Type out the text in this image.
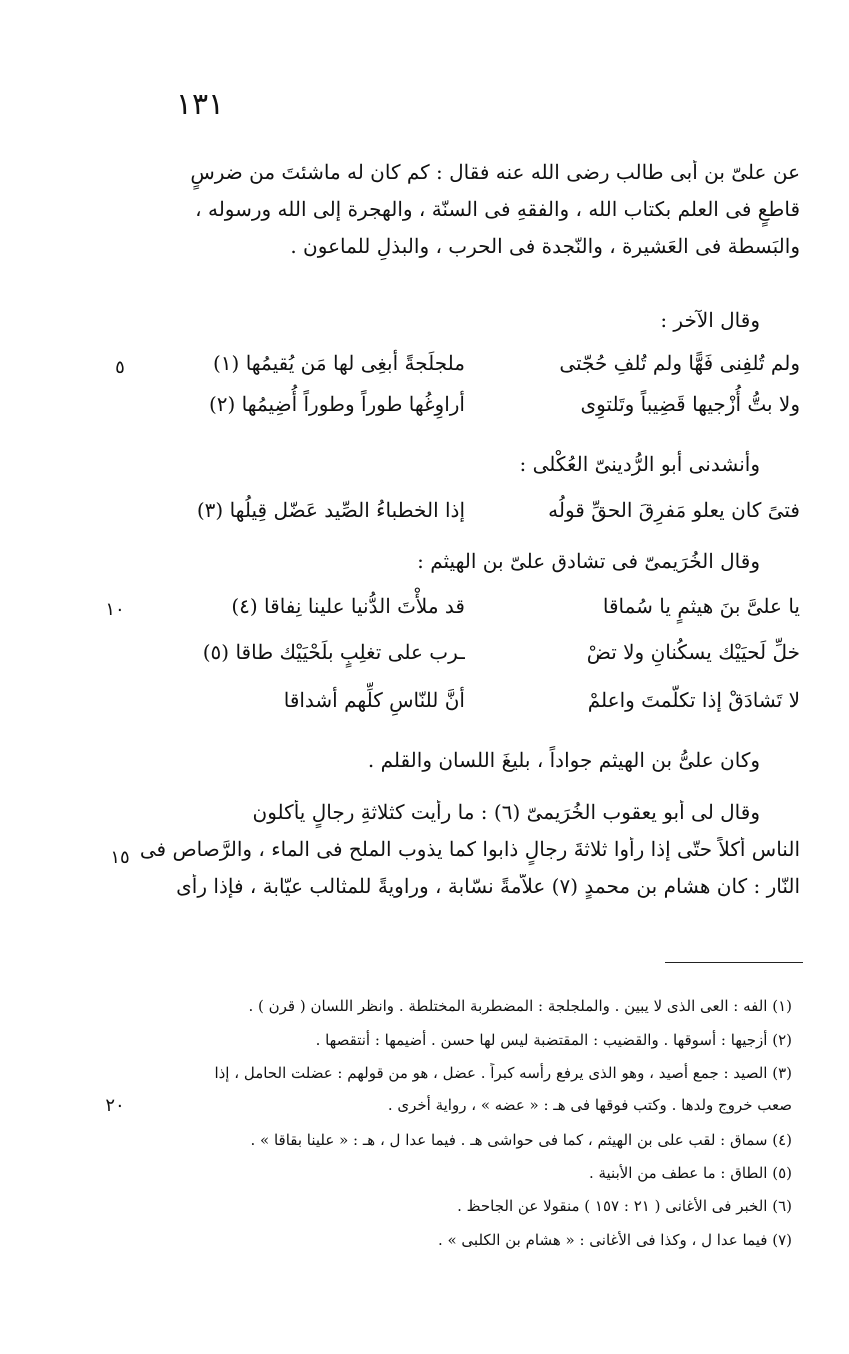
١٣١
عن علىّ بن أبى طالب رضى الله عنه فقال : كم كان له ماشئتَ من ضرسٍ
قاطعٍ فى العلم بكتاب الله ، والفقهِ فى السنّة ، والهجرة إلى الله ورسوله ،
والبَسطة فى العَشيرة ، والنّجدة فى الحرب ، والبذلِ للماعون .
وقال الآخر :
ولم تُلفِنى فَهًّا ولم تُلفِ حُجّتى
ملجلَجةً أبغِى لها مَن يُقيمُها (١)
٥
ولا بتُّ أُزْجيها قَضِيباً وتَلتوِى
أراوِغُها طوراً وطوراً أُضِيمُها (٢)
وأنشدنى أبو الرُّدينىّ العُكْلى :
فتىً كان يعلو مَفرِقَ الحقِّ قولُه
إذا الخطباءُ الصِّيد عَضّل قِيلُها (٣)
وقال الخُرَيمىّ فى تشادق علىّ بن الهيثم :
يا علىَّ بنَ هيثمٍ يا سُماقا
قد ملأْتَ الدُّنيا علينا نِفاقا (٤)
١٠
خلِّ لَحيَيْك يسكُنانِ ولا تضْ
ـرب على تغلِبٍ بلَحْيَيْك طاقا (٥)
لا تَشادَقْ إذا تكلّمتَ واعلمْ
أنَّ للنّاسِ كلِّهم أشداقا
وكان علىُّ بن الهيثم جواداً ، بليغَ اللسان والقلم .
وقال لى أبو يعقوب الخُرَيمىّ (٦) : ما رأيت كثلاثةِ رجالٍ يأكلون
الناس أكلاً حتّى إذا رأوا ثلاثةَ رجالٍ ذابوا كما يذوب الملح فى الماء ، والرَّصاص فى
النّار : كان هشام بن محمدٍ (٧) علاّمةً نسّابة ، وراويةً للمثالب عيّابة ، فإذا رأى
١٥
(١) الفه : العى الذى لا يبين . والملجلجة : المضطربة المختلطة . وانظر اللسان ( قرن ) .
(٢) أزجيها : أسوقها . والقضيب : المقتضبة ليس لها حسن . أضيمها : أنتقصها .
(٣) الصيد : جمع أصيد ، وهو الذى يرفع رأسه كبراً . عضل ، هو من قولهم : عضلت الحامل ، إذا
صعب خروج ولدها . وكتب فوقها فى هـ : « عضه » ، رواية أخرى .
٢٠
(٤) سماق : لقب على بن الهيثم ، كما فى حواشى هـ . فيما عدا ل ، هـ : « علينا بقاقا » .
(٥) الطاق : ما عطف من الأبنية .
(٦) الخبر فى الأغانى ( ٢١ : ١٥٧ ) منقولا عن الجاحظ .
(٧) فيما عدا ل ، وكذا فى الأغانى : « هشام بن الكلبى » .
